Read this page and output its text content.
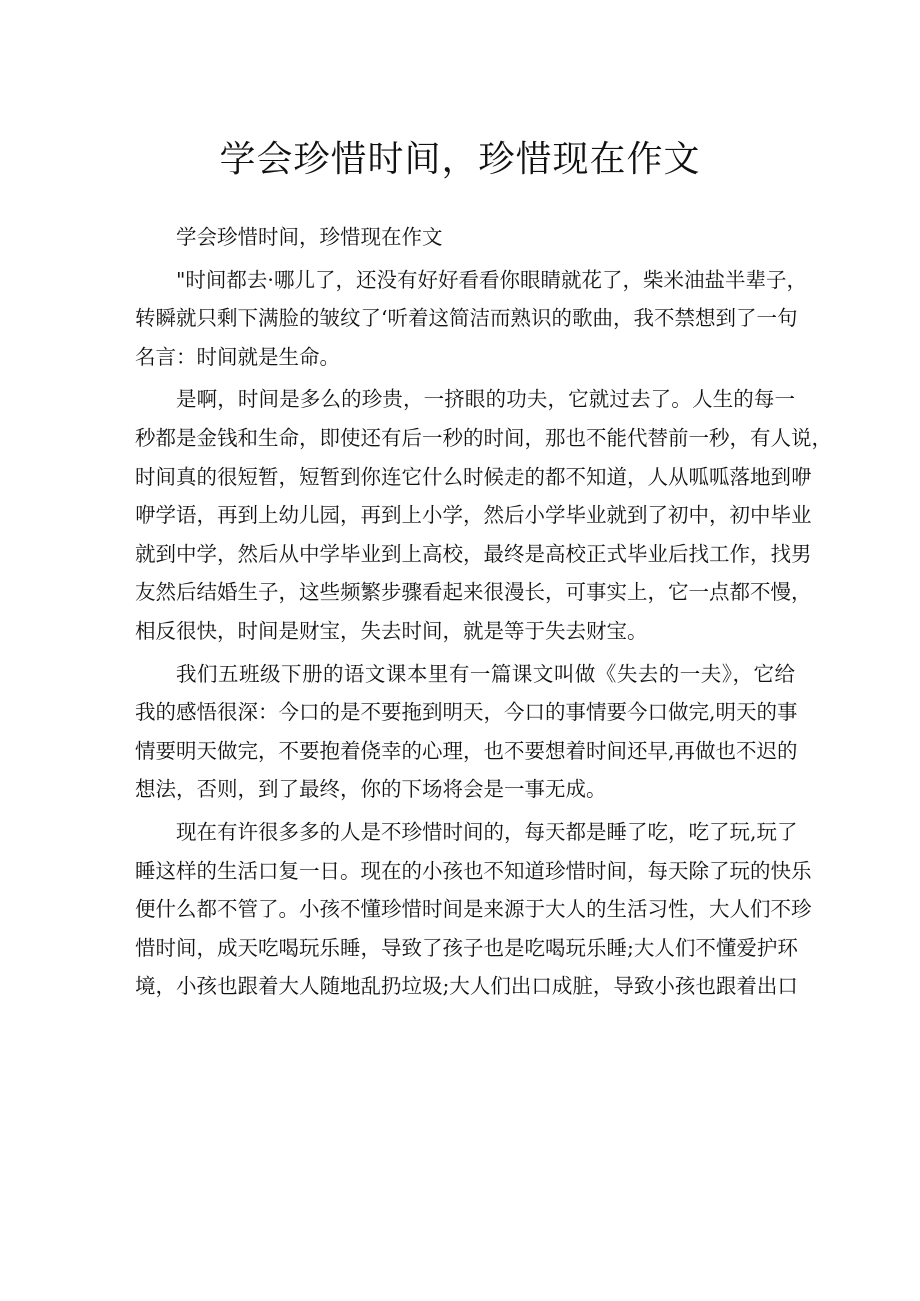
学会珍惜时间，珍惜现在作文

学会珍惜时间，珍惜现在作文

"时间都去·哪儿了，还没有好好看看你眼睛就花了，柴米油盐半辈子，
转瞬就只剩下满脸的皱纹了‘听着这简洁而熟识的歌曲，我不禁想到了一句
名言：时间就是生命。

是啊，时间是多么的珍贵，一挤眼的功夫，它就过去了。人生的每一
秒都是金钱和生命，即使还有后一秒的时间，那也不能代替前一秒，有人说，
时间真的很短暂，短暂到你连它什么时候走的都不知道，人从呱呱落地到咿
咿学语，再到上幼儿园，再到上小学，然后小学毕业就到了初中，初中毕业
就到中学，然后从中学毕业到上高校，最终是高校正式毕业后找工作，找男
友然后结婚生子，这些频繁步骤看起来很漫长，可事实上，它一点都不慢，
相反很快，时间是财宝，失去时间，就是等于失去财宝。

我们五班级下册的语文课本里有一篇课文叫做《失去的一夫》，它给
我的感悟很深：今口的是不要拖到明天，今口的事情要今口做完,明天的事
情要明天做完，不要抱着侥幸的心理，也不要想着时间还早,再做也不迟的
想法，否则，到了最终，你的下场将会是一事无成。

现在有许很多多的人是不珍惜时间的，每天都是睡了吃，吃了玩,玩了
睡这样的生活口复一日。现在的小孩也不知道珍惜时间，每天除了玩的快乐
便什么都不管了。小孩不懂珍惜时间是来源于大人的生活习性，大人们不珍
惜时间，成天吃喝玩乐睡，导致了孩子也是吃喝玩乐睡;大人们不懂爱护环
境，小孩也跟着大人随地乱扔垃圾;大人们出口成脏，导致小孩也跟着出口
